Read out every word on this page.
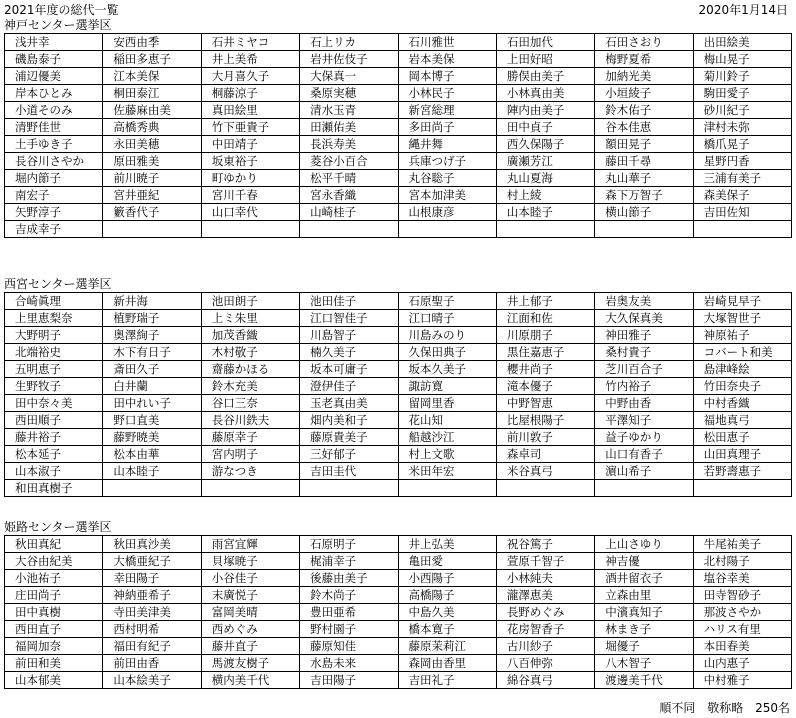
2021年度の総代一覧	2020年1月14日
神戸センター選挙区
浅井幸	安西由季	石井ミヤコ	石上リカ	石川雅世	石田加代	石田さおり	出田絵美
磯島泰子	稲田多恵子	井上美希	岩井佐伎子	岩本美保	上田好昭	梅野夏希	梅山晃子
浦辺優美	江本美保	大月喜久子	大保真一	岡本博子	勝俣由美子	加納光美	菊川鈴子
岸本ひとみ	桐田泰江	桐藤涼子	桑原実穂	小林民子	小林真由美	小垣綾子	駒田愛子
小道そのみ	佐藤麻由美	真田絵里	清水玉青	新宮総理	陣内由美子	鈴木佑子	砂川紀子
清野佳世	高橋秀典	竹下亜貴子	田瀬佑美	多田尚子	田中貞子	谷本佳恵	津村未弥
土手ゆき子	永田美穂	中田靖子	長浜寿美	縄井舞	西久保陽子	額田晃子	橋爪晃子
長谷川さやか	原田雅美	坂東裕子	菱谷小百合	兵庫つげ子	廣瀬芳江	藤田千尋	星野円香
堀内節子	前川暁子	町ゆかり	松平千晴	丸谷聡子	丸山夏海	丸山華子	三浦有美子
南宏子	宮井亜紀	宮川千春	宮永香織	宮本加津美	村上綾	森下万智子	森美保子
矢野淳子	籔香代子	山口幸代	山崎桂子	山根康彦	山本睦子	横山節子	吉田佐知
吉成幸子							
西宮センター選挙区
合崎眞理	新井海	池田朗子	池田佳子	石原聖子	井上郁子	岩奥友美	岩崎見早子
上里恵梨奈	植野瑞子	上ミ朱里	江口智佳子	江口晴子	江面和佐	大久保真美	大塚智世子
大野明子	奥澤絢子	加茂香織	川島智子	川島みのり	川原朋子	神田雅子	神原祐子
北端裕史	木下有日子	木村敬子	楠久美子	久保田典子	黒住嘉恵子	桑村貴子	コバート和美
五明恵子	斎田久子	齋藤かほる	坂本可庸子	坂本久美子	櫻井尚子	芝川百合子	島津峰絵
生野牧子	白井蘭	鈴木充美	澄伊佳子	諏訪寛	滝本優子	竹内裕子	竹田奈央子
田中奈々美	田中れい子	谷口三奈	玉老真由美	留岡里香	中野智恵	中野由香	中村香織
西田順子	野口直美	長谷川鉄夫	畑内美和子	花山知	比屋根陽子	平澤知子	福地真弓
藤井裕子	藤野暁美	藤原幸子	藤原貴美子	船越沙江	前川敦子	益子ゆかり	松田恵子
松本延子	松本由華	宮内明子	三好郁子	村上文歌	森卓司	山口有香子	山田真理子
山本淑子	山本睦子	游なつき	吉田圭代	米田年宏	米谷真弓	濵山希子	若野壽惠子
和田真樹子							
姫路センター選挙区
秋田真紀	秋田真沙美	雨宮宜輝	石原明子	井上弘美	祝谷篤子	上山さゆり	牛尾祐美子
大谷由紀美	大橋亜紀子	貝塚暁子	梶浦幸子	亀田愛	萱原千智子	神吉優	北村陽子
小池祐子	幸田陽子	小谷佳子	後藤由美子	小西陽子	小林純夫	酒井留衣子	塩谷幸美
庄田尚子	神納亜希子	末廣悦子	鈴木尚子	高橋陽子	瀧澤恵美	立森由里	田寺智砂子
田中真樹	寺田美津美	富岡美晴	豊田亜希	中島久美	長野めぐみ	中濱真知子	那波さやか
西田直子	西村明希	西めぐみ	野村園子	橋本寛子	花房智香子	林まき子	ハリス有里
福岡加奈	福田有紀子	藤井直子	藤原知佳	藤原茉莉江	古川紗子	堀優子	本田春美
前田和美	前田由香	馬渡友樹子	水島未来	森岡由香里	八百伸弥	八木智子	山内惠子
山本郁美	山本絵美子	横内美千代	吉田陽子	吉田礼子	綿谷真弓	渡邊美千代	中村雅子
順不同 敬称略 250名
